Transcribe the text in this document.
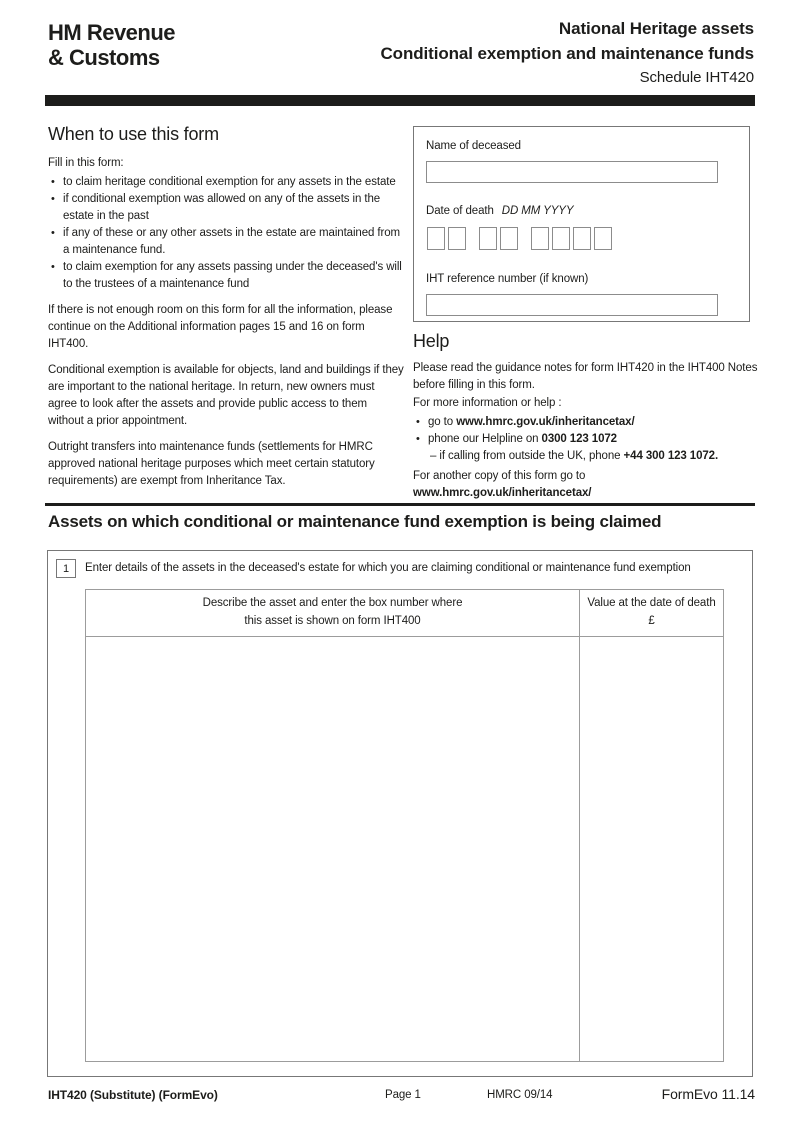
HM Revenue
& Customs
National Heritage assets
Conditional exemption and maintenance funds
Schedule IHT420
When to use this form
Fill in this form:
• to claim heritage conditional exemption for any assets in the estate
• if conditional exemption was allowed on any of the assets in the estate in the past
• if any of these or any other assets in the estate are maintained from a maintenance fund.
• to claim exemption for any assets passing under the deceased's will to the trustees of a maintenance fund
If there is not enough room on this form for all the information, please continue on the Additional information pages 15 and 16 on form IHT400.
Conditional exemption is available for objects, land and buildings if they are important to the national heritage. In return, new owners must agree to look after the assets and provide public access to them without a prior appointment.
Outright transfers into maintenance funds (settlements for HMRC approved national heritage purposes which meet certain statutory requirements) are exempt from Inheritance Tax.
Name of deceased
Date of death DD MM YYYY
IHT reference number (if known)
Help
Please read the guidance notes for form IHT420 in the IHT400 Notes before filling in this form.
For more information or help :
• go to www.hmrc.gov.uk/inheritancetax/
• phone our Helpline on 0300 123 1072
– if calling from outside the UK, phone +44 300 123 1072.
For another copy of this form go to
www.hmrc.gov.uk/inheritancetax/
Assets on which conditional or maintenance fund exemption is being claimed
1	Enter details of the assets in the deceased's estate for which you are claiming conditional or maintenance fund exemption
Describe the asset and enter the box number where
this asset is shown on form IHT400
Value at the date of death
£
IHT420 (Substitute) (FormEvo)	Page 1	HMRC 09/14	FormEvo 11.14
